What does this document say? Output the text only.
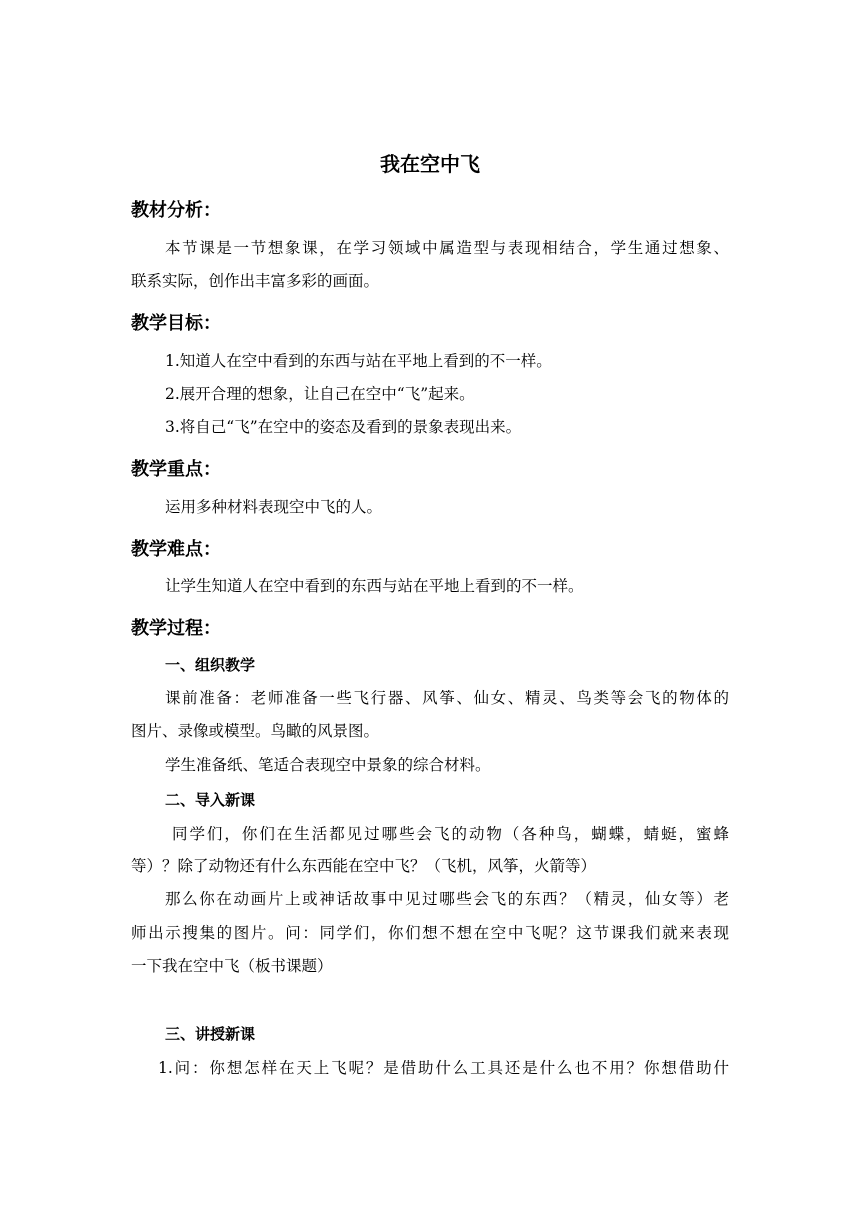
我在空中飞
教材分析：
本节课是一节想象课，在学习领域中属造型与表现相结合，学生通过想象、
联系实际，创作出丰富多彩的画面。
教学目标：
1.知道人在空中看到的东西与站在平地上看到的不一样。
2.展开合理的想象，让自己在空中“飞”起来。
3.将自己“飞”在空中的姿态及看到的景象表现出来。
教学重点：
运用多种材料表现空中飞的人。
教学难点：
让学生知道人在空中看到的东西与站在平地上看到的不一样。
教学过程：
一、组织教学
课前准备：老师准备一些飞行器、风筝、仙女、精灵、鸟类等会飞的物体的
图片、录像或模型。鸟瞰的风景图。
学生准备纸、笔适合表现空中景象的综合材料。
二、导入新课
同学们，你们在生活都见过哪些会飞的动物（各种鸟，蝴蝶，蜻蜓，蜜蜂
等）？除了动物还有什么东西能在空中飞？（飞机，风筝，火箭等）
那么你在动画片上或神话故事中见过哪些会飞的东西？（精灵，仙女等）老
师出示搜集的图片。问：同学们，你们想不想在空中飞呢？这节课我们就来表现
一下我在空中飞（板书课题）
三、讲授新课
1.问：你想怎样在天上飞呢？是借助什么工具还是什么也不用？你想借助什
